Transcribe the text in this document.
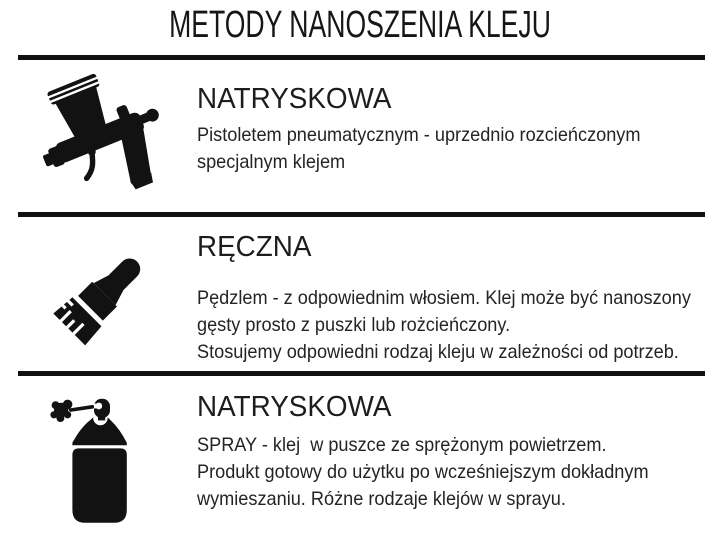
METODY NANOSZENIA KLEJU
NATRYSKOWA
Pistoletem pneumatycznym - uprzednio rozcieńczonym
specjalnym klejem
RĘCZNA
Pędzlem - z odpowiednim włosiem. Klej może być nanoszony
gęsty prosto z puszki lub rożcieńczony.
Stosujemy odpowiedni rodzaj kleju w zależności od potrzeb.
NATRYSKOWA
SPRAY - klej  w puszce ze sprężonym powietrzem.
Produkt gotowy do użytku po wcześniejszym dokładnym
wymieszaniu. Różne rodzaje klejów w sprayu.
